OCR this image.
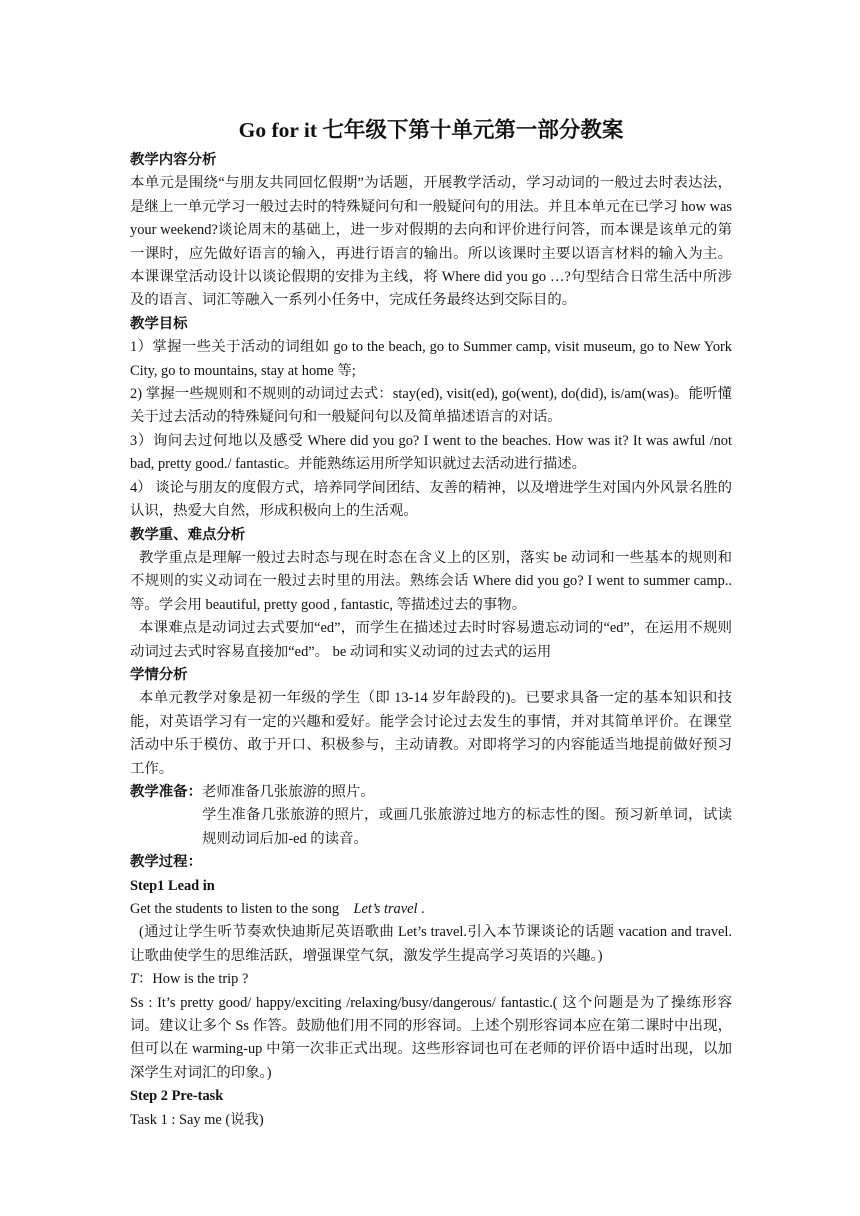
Go for it 七年级下第十单元第一部分教案

教学内容分析

本单元是围绕“与朋友共同回忆假期”为话题，开展教学活动，学习动词的一般过去时表达法，是继上一单元学习一般过去时的特殊疑问句和一般疑问句的用法。并且本单元在已学习 how was your weekend?谈论周末的基础上，进一步对假期的去向和评价进行问答，而本课是该单元的第一课时，应先做好语言的输入，再进行语言的输出。所以该课时主要以语言材料的输入为主。本课课堂活动设计以谈论假期的安排为主线，将 Where did you go …?句型结合日常生活中所涉及的语言、词汇等融入一系列小任务中，完成任务最终达到交际目的。

教学目标

1）掌握一些关于活动的词组如 go to the beach, go to Summer camp, visit museum, go to New York City, go to mountains, stay at home 等;

2) 掌握一些规则和不规则的动词过去式：stay(ed), visit(ed), go(went), do(did), is/am(was)。能听懂关于过去活动的特殊疑问句和一般疑问句以及简单描述语言的对话。

3）询问去过何地以及感受 Where did you go? I went to the beaches. How was it? It was awful /not bad, pretty good./ fantastic。并能熟练运用所学知识就过去活动进行描述。

4） 谈论与朋友的度假方式，培养同学间团结、友善的精神，以及增进学生对国内外风景名胜的认识，热爱大自然，形成积极向上的生活观。

教学重、难点分析

教学重点是理解一般过去时态与现在时态在含义上的区别，落实 be 动词和一些基本的规则和不规则的实义动词在一般过去时里的用法。熟练会话 Where did you go? I went to summer camp..等。学会用 beautiful, pretty good , fantastic, 等描述过去的事物。

本课难点是动词过去式要加“ed”，而学生在描述过去时时容易遗忘动词的“ed”，在运用不规则动词过去式时容易直接加“ed”。 be 动词和实义动词的过去式的运用

学情分析

本单元教学对象是初一年级的学生（即 13-14 岁年龄段的)。已要求具备一定的基本知识和技能，对英语学习有一定的兴趣和爱好。能学会讨论过去发生的事情，并对其简单评价。在课堂活动中乐于模仿、敢于开口、积极参与，主动请教。对即将学习的内容能适当地提前做好预习工作。

教学准备： 老师准备几张旅游的照片。

学生准备几张旅游的照片，或画几张旅游过地方的标志性的图。预习新单词，试读规则动词后加-ed 的读音。

教学过程：

Step1 Lead in

Get the students to listen to the song    Let’s travel .

(通过让学生听节奏欢快迪斯尼英语歌曲 Let’s travel.引入本节课谈论的话题 vacation and travel. 让歌曲使学生的思维活跃，增强课堂气氛，激发学生提高学习英语的兴趣。)

T：How is the trip ?

Ss : It’s pretty good/ happy/exciting /relaxing/busy/dangerous/ fantastic.( 这个问题是为了操练形容词。建议让多个 Ss 作答。鼓励他们用不同的形容词。上述个别形容词本应在第二课时中出现，但可以在 warming-up 中第一次非正式出现。这些形容词也可在老师的评价语中适时出现，以加深学生对词汇的印象。)

Step 2 Pre-task

Task 1 : Say me (说我)
